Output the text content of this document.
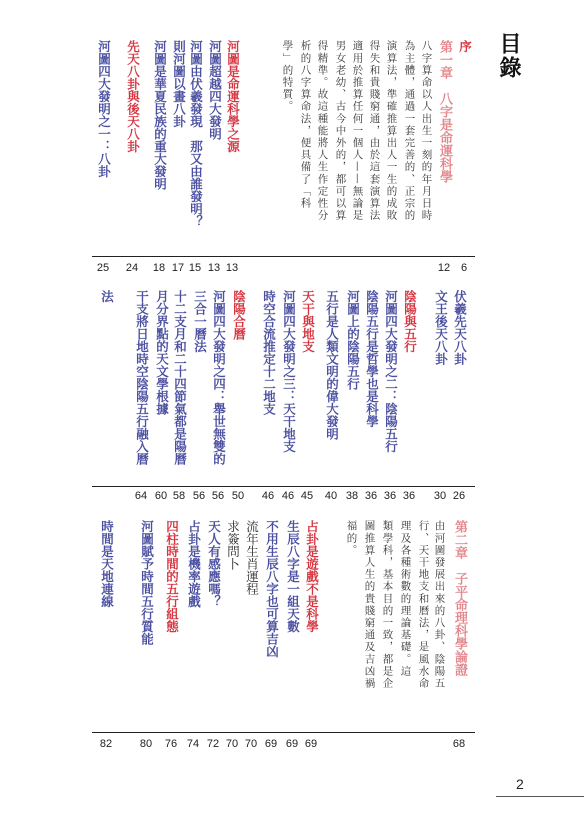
目錄
序
6
第一章　八字是命運科學
12
八字算命以人出生一刻的年月日時
為主體，通過一套完善的、正宗的
演算法，準確推算出人一生的成敗
得失和貴賤窮通，由於這套演算法
適用於推算任何一個人——無論是
男女老幼、古今中外的，都可以算
得精準。故這種能將人生作定性分
析的八字算命法，便具備了「科
學」的特質。
河圖是命運科學之源
13
河圖超越四大發明
13
河圖由伏羲發現　那又由誰發明？
15
則河圖以畫八卦
17
河圖是華夏民族的重大發明
18
先天八卦與後天八卦
24
河圖四大發明之一：八卦
25
伏羲先天八卦
26
文王後天八卦
30
陰陽與五行
36
河圖四大發明之二：陰陽五行
36
陰陽五行是哲學也是科學
36
河圖上的陰陽五行
38
五行是人類文明的偉大發明
40
天干與地支
45
河圖四大發明之三：天干地支
46
時空合流推定十二地支
46
陰陽合曆
50
河圖四大發明之四：舉世無雙的
56
三合一曆法
56
十二支月和二十四節氣都是陽曆
58
月分界點的天文學根據
60
干支將日地時空陰陽五行融入曆
64
法
第二章　子平命理科學論證
68
由河圖發展出來的八卦、陰陽五
行、天干地支和曆法，是風水命
理及各種術數的理論基礎。這
類學科，基本目的一致，都是企
圖推算人生的貴賤窮通及吉凶禍
福的。
占卦是遊戲不是科學
69
生辰八字是一組天數
69
不用生辰八字也可算吉凶
69
流年生肖運程
70
求簽問卜
70
天人有感應嗎？
72
占卦是機率遊戲
74
四柱時間的五行組態
76
河圖賦予時間五行質能
80
時間是天地連線
82
2
